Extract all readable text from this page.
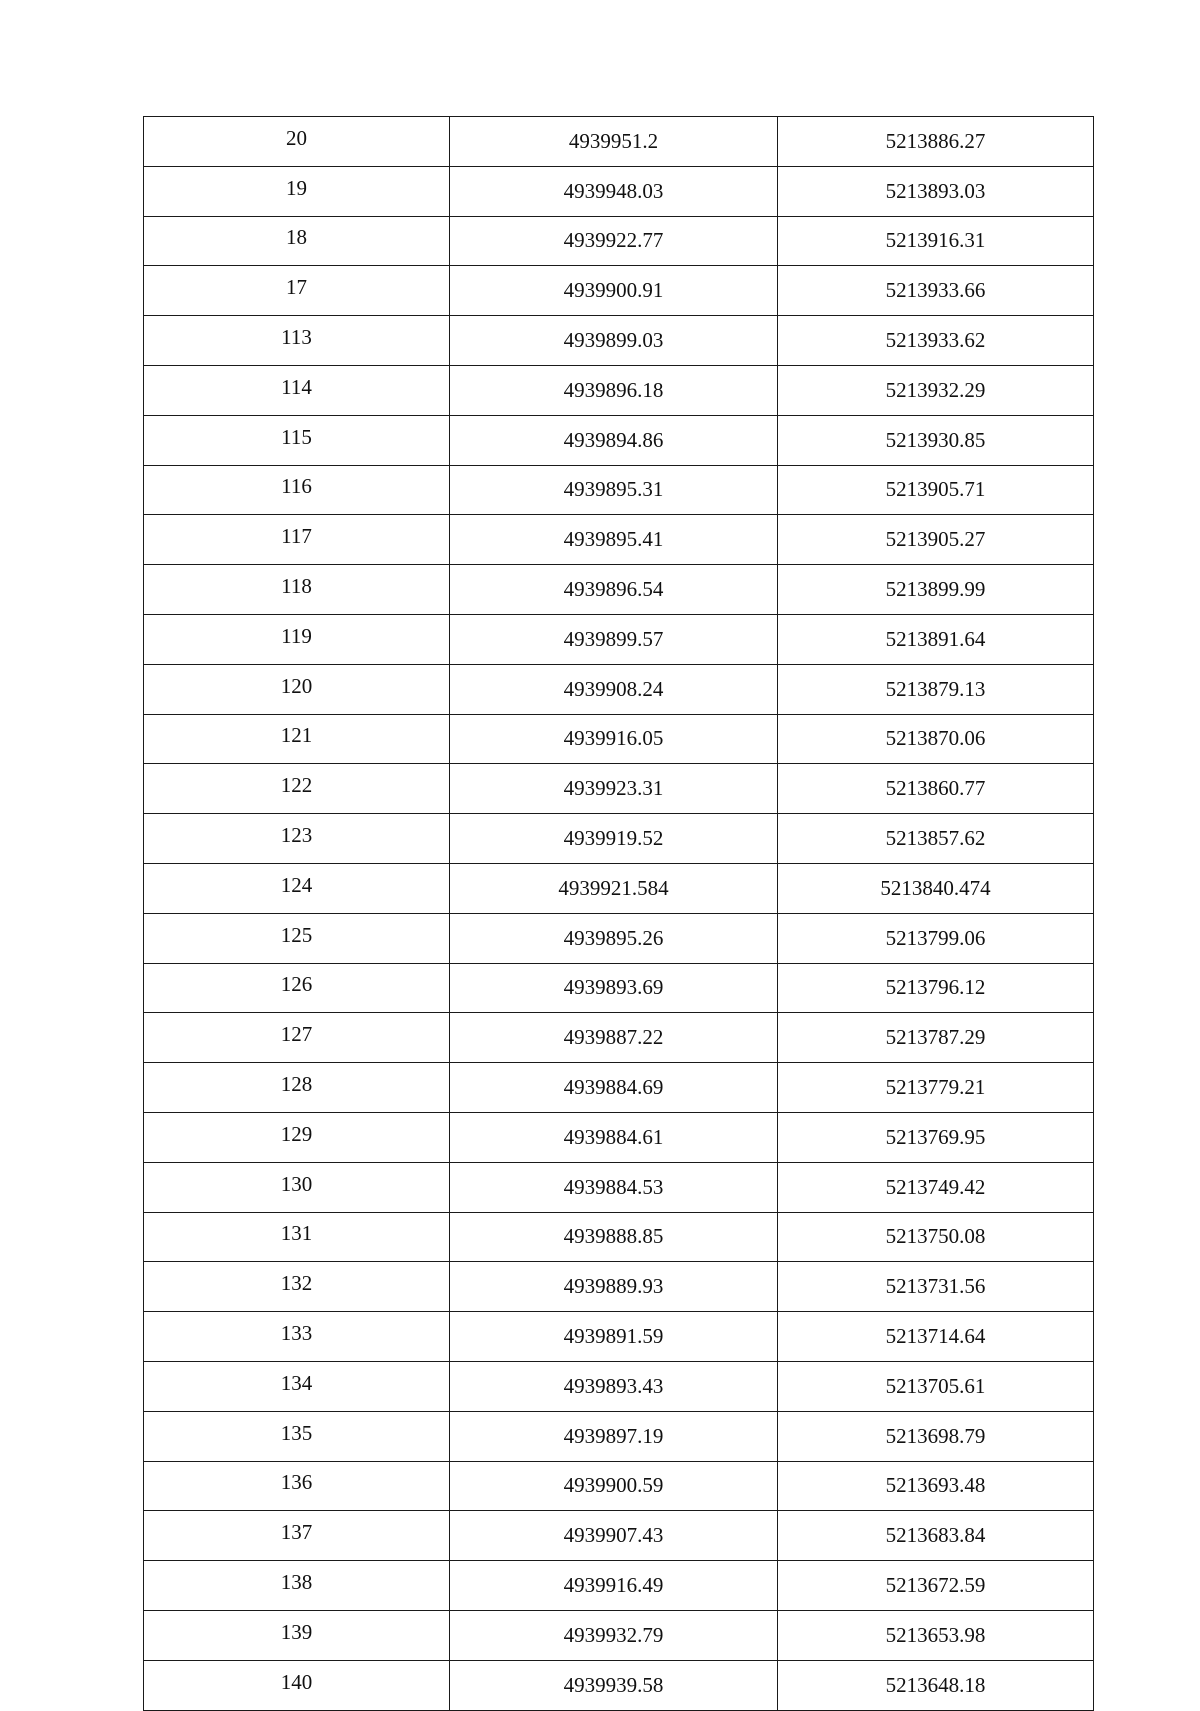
20	4939951.2	5213886.27
19	4939948.03	5213893.03
18	4939922.77	5213916.31
17	4939900.91	5213933.66
113	4939899.03	5213933.62
114	4939896.18	5213932.29
115	4939894.86	5213930.85
116	4939895.31	5213905.71
117	4939895.41	5213905.27
118	4939896.54	5213899.99
119	4939899.57	5213891.64
120	4939908.24	5213879.13
121	4939916.05	5213870.06
122	4939923.31	5213860.77
123	4939919.52	5213857.62
124	4939921.584	5213840.474
125	4939895.26	5213799.06
126	4939893.69	5213796.12
127	4939887.22	5213787.29
128	4939884.69	5213779.21
129	4939884.61	5213769.95
130	4939884.53	5213749.42
131	4939888.85	5213750.08
132	4939889.93	5213731.56
133	4939891.59	5213714.64
134	4939893.43	5213705.61
135	4939897.19	5213698.79
136	4939900.59	5213693.48
137	4939907.43	5213683.84
138	4939916.49	5213672.59
139	4939932.79	5213653.98
140	4939939.58	5213648.18
